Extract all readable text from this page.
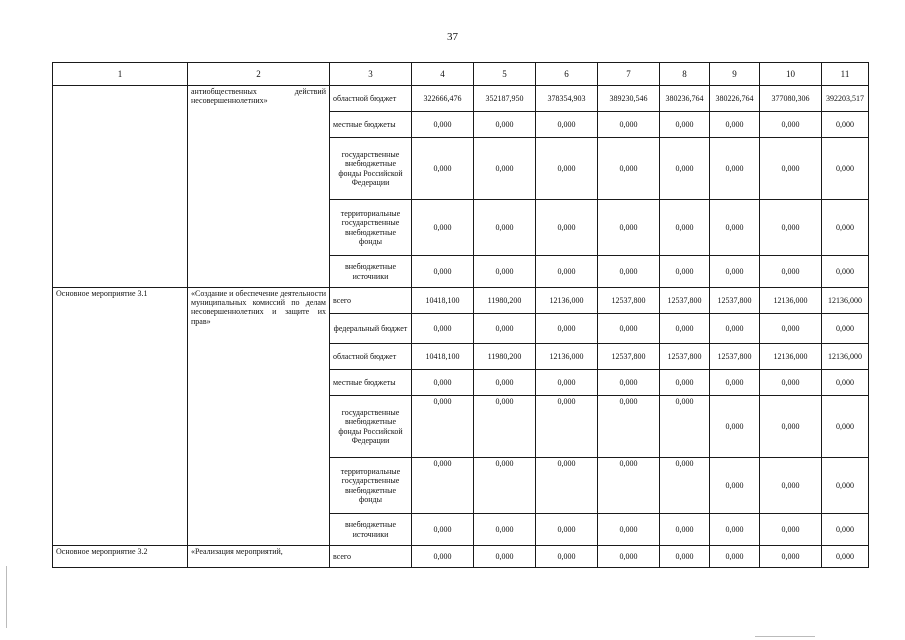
37
1	2	3	4	5	6	7	8	9	10	11
	антиобщественных действий несовершеннолетних»	областной бюджет	322666,476	352187,950	378354,903	389230,546	380236,764	380226,764	377080,306	392203,517
		местные бюджеты	0,000	0,000	0,000	0,000	0,000	0,000	0,000	0,000
		государственные внебюджетные фонды Российской Федерации	0,000	0,000	0,000	0,000	0,000	0,000	0,000	0,000
		территориальные государственные внебюджетные фонды	0,000	0,000	0,000	0,000	0,000	0,000	0,000	0,000
		внебюджетные источники	0,000	0,000	0,000	0,000	0,000	0,000	0,000	0,000
Основное мероприятие 3.1	«Создание и обеспечение деятельности муниципальных комиссий по делам несовершеннолетних и защите их прав»	всего	10418,100	11980,200	12136,000	12537,800	12537,800	12537,800	12136,000	12136,000
		федеральный бюджет	0,000	0,000	0,000	0,000	0,000	0,000	0,000	0,000
		областной бюджет	10418,100	11980,200	12136,000	12537,800	12537,800	12537,800	12136,000	12136,000
		местные бюджеты	0,000	0,000	0,000	0,000	0,000	0,000	0,000	0,000
		государственные внебюджетные фонды Российской Федерации	0,000	0,000	0,000	0,000	0,000	0,000	0,000	0,000
		территориальные государственные внебюджетные фонды	0,000	0,000	0,000	0,000	0,000	0,000	0,000	0,000
		внебюджетные источники	0,000	0,000	0,000	0,000	0,000	0,000	0,000	0,000
Основное мероприятие 3.2	«Реализация мероприятий,	всего	0,000	0,000	0,000	0,000	0,000	0,000	0,000	0,000
